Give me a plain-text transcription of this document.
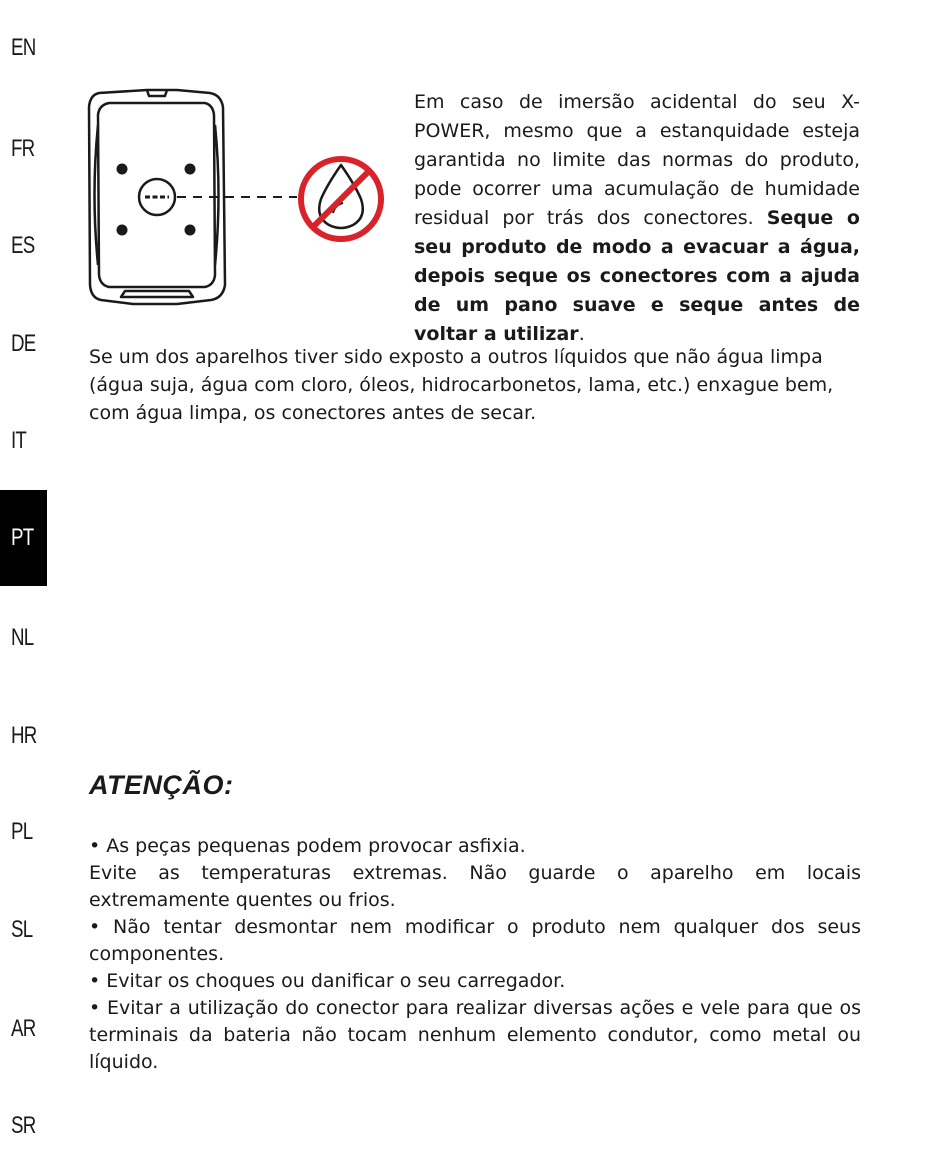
EN
FR
ES
DE
IT
PT
NL
HR
PL
SL
AR
SR

Em caso de imersão acidental do seu X-POWER, mesmo que a estanquidade esteja garantida no limite das normas do produto, pode ocorrer uma acumulação de humidade residual por trás dos conectores. Seque o seu produto de modo a evacuar a água, depois seque os conectores com a ajuda de um pano suave e seque antes de voltar a utilizar.

Se um dos aparelhos tiver sido exposto a outros líquidos que não água limpa (água suja, água com cloro, óleos, hidrocarbonetos, lama, etc.) enxague bem, com água limpa, os conectores antes de secar.

ATENÇÃO:

• As peças pequenas podem provocar asfixia.

Evite as temperaturas extremas. Não guarde o aparelho em locais extremamente quentes ou frios.

• Não tentar desmontar nem modificar o produto nem qualquer dos seus componentes.

• Evitar os choques ou danificar o seu carregador.

• Evitar a utilização do conector para realizar diversas ações e vele para que os terminais da bateria não tocam nenhum elemento condutor, como metal ou líquido.
